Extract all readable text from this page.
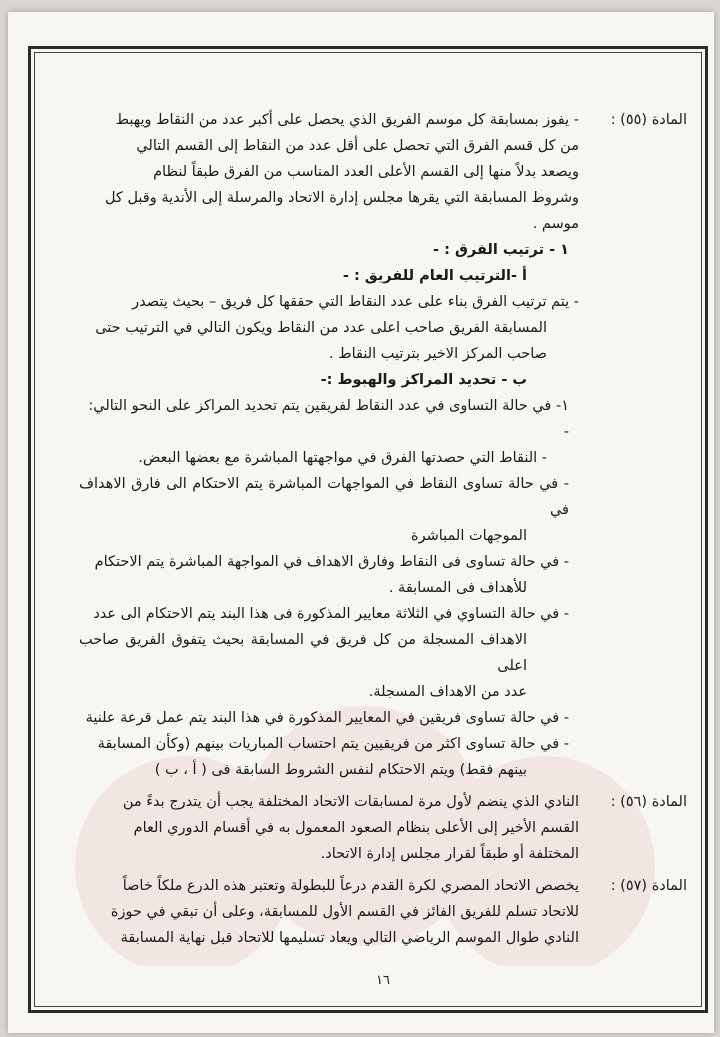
المادة (٥٥) :
- يفوز بمسابقة كل موسم الفريق الذي يحصل على أكبر عدد من النقاط ويهبط
من كل قسم الفرق التي تحصل على أقل عدد من النقاط إلى القسم التالي
ويصعد بدلاً منها إلى القسم الأعلى العدد المناسب من الفرق طبقاً لنظام
وشروط المسابقة التي يقرها مجلس إدارة الاتحاد والمرسلة إلى الأندية وقبل كل
موسم .
١ - ترتيب الفرق : -
أ -الترتيب العام للفريق : -
- يتم ترتيب الفرق بناء على عدد النقاط التي حققها كل فريق – بحيث يتصدر
المسابقة الفريق صاحب اعلى عدد من النقاط ويكون التالي في الترتيب حتى
صاحب المركز الاخير بترتيب النقاط .
ب - تحديد المراكز والهبوط :-
١- في حالة التساوى في عدد النقاط لفريقين يتم تحديد المراكز على النحو التالي: -
- النقاط التي حصدتها الفرق في مواجهتها المباشرة مع بعضها البعض.
- في حالة تساوى النقاط في المواجهات المباشرة يتم الاحتكام الى فارق الاهداف في
الموجهات المباشرة
- في حالة تساوى فى النقاط وفارق الاهداف في المواجهة المباشرة يتم الاحتكام
للأهداف فى المسابقة .
- في حالة التساوي في الثلاثة معايير المذكورة فى هذا البند يتم الاحتكام الى عدد
الاهداف المسجلة من كل فريق في المسابقة بحيث يتفوق الفريق صاحب اعلى
عدد من الاهداف المسجلة.
- في حالة تساوى فريقين في المعايير المذكورة في هذا البند يتم عمل قرعة علنية
- في حالة تساوى اكثر من فريقيين يتم احتساب المباريات بينهم (وكأن المسابقة
بينهم فقط) ويتم الاحتكام لنفس الشروط السابقة فى ( أ ، ب )
المادة (٥٦) :
النادي الذي ينضم لأول مرة لمسابقات الاتحاد المختلفة يجب أن يتدرج بدءً من
القسم الأخير إلى الأعلى بنظام الصعود المعمول به في أقسام الدوري العام
المختلفة أو طبقاً لقرار مجلس إدارة الاتحاد.
المادة (٥٧) :
يخصص الاتحاد المصري لكرة القدم درعاً للبطولة وتعتبر هذه الدرع ملكاً خاصاً
للاتحاد تسلم للفريق الفائز في القسم الأول للمسابقة، وعلى أن تبقي في حوزة
النادي طوال الموسم الرياضي التالي ويعاد تسليمها للاتحاد قبل نهاية المسابقة
١٦
